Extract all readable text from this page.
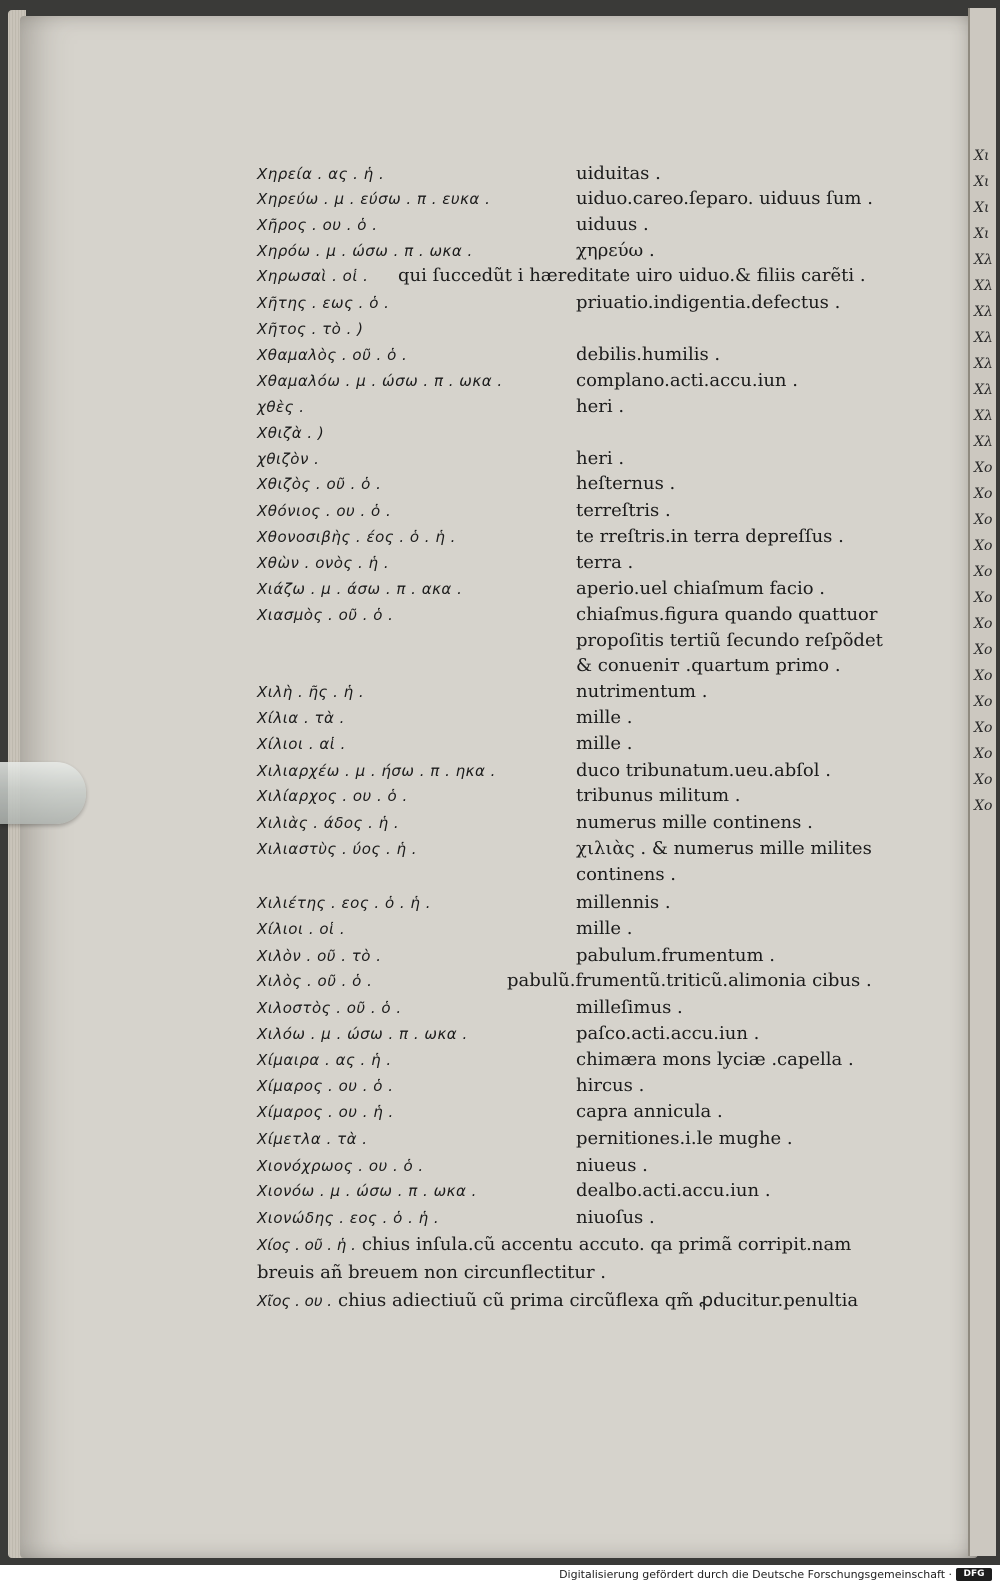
Χι
Χι
Χι
Χι
Χλ
Χλ
Χλ
Χλ
Χλ
Χλ
Χλ
Χλ
Χο
Χο
Χο
Χο
Χο
Χο
Χο
Χο
Χο
Χο
Χο
Χο
Χο
Χο
Χηρεία . ας . ἡ .	uiduitas .
Χηρεύω . μ . εύσω . π . ευκα .	uiduo.careo.ſeparo. uiduus ſum .
Χῆρος . ου . ὁ .	uiduus .
Χηρόω . μ . ώσω . π . ωκα .	χηρεύω .
Χηρωσαὶ . οἱ . qui ſuccedũt i hæreditate uiro uiduo.& filiis carẽti .
Χῆτης . εως . ὁ .	priuatio.indigentia.defectus .
Χῆτος . τὸ . )
Χθαμαλὸς . οῦ . ὁ .	debilis.humilis .
Χθαμαλόω . μ . ώσω . π . ωκα .	complano.acti.accu.iun .
χθὲς .	heri .
Χθιζὰ . )
χθιζὸν .	heri .
Χθιζὸς . οῦ . ὁ .	heſternus .
Χθόνιος . ου . ὁ .	terreſtris .
Χθονοσιβὴς . έος . ὁ . ἡ .	te rreſtris.in terra depreſſus .
Χθὼν . ονὸς . ἡ .	terra .
Χιάζω . μ . άσω . π . ακα .	aperio.uel chiaſmum facio .
Χιασμὸς . οῦ . ὁ .	chiaſmus.figura quando quattuor
propoſitis tertiũ ſecundo reſpõdet
& conueniт .quartum primo .
Χιλὴ . ῆς . ἡ .	nutrimentum .
Χίλια . τὰ .	mille .
Χίλιοι . αἱ .	mille .
Χιλιαρχέω . μ . ήσω . π . ηκα .	duco tribunatum.ueu.abſol .
Χιλίαρχος . ου . ὁ .	tribunus militum .
Χιλιὰς . άδος . ἡ .	numerus mille continens .
Χιλιαστὺς . ύος . ἡ .	χιλιὰς . & numerus mille milites
continens .
Χιλιέτης . εος . ὁ . ἡ .	millennis .
Χίλιοι . οἱ .	mille .
Χιλὸν . οῦ . τὸ .	pabulum.frumentum .
Χιλὸς . οῦ . ὁ .	pabulũ.frumentũ.triticũ.alimonia cibus .
Χιλοστὸς . οῦ . ὁ .	milleſimus .
Χιλόω . μ . ώσω . π . ωκα .	paſco.acti.accu.iun .
Χίμαιρα . ας . ἡ .	chimæra mons lyciæ .capella .
Χίμαρος . ου . ὁ .	hircus .
Χίμαρος . ου . ἡ .	capra annicula .
Χίμετλα . τὰ .	pernitiones.i.le mughe .
Χιονόχρωος . ου . ὁ .	niueus .
Χιονόω . μ . ώσω . π . ωκα .	dealbo.acti.accu.iun .
Χιονώδης . εος . ὁ . ἡ .	niuoſus .
Χίος . οῦ . ἡ . chius inſula.cũ accentu accuto. qa primã corripit.nam
breuis añ breuem non circunflectitur .
Χῖος . ου . chius adiectiuũ cũ prima circũflexa qm̃ ꝓducitur.penultia
Digitalisierung gefördert durch die Deutsche Forschungsgemeinschaft ·	DFG
